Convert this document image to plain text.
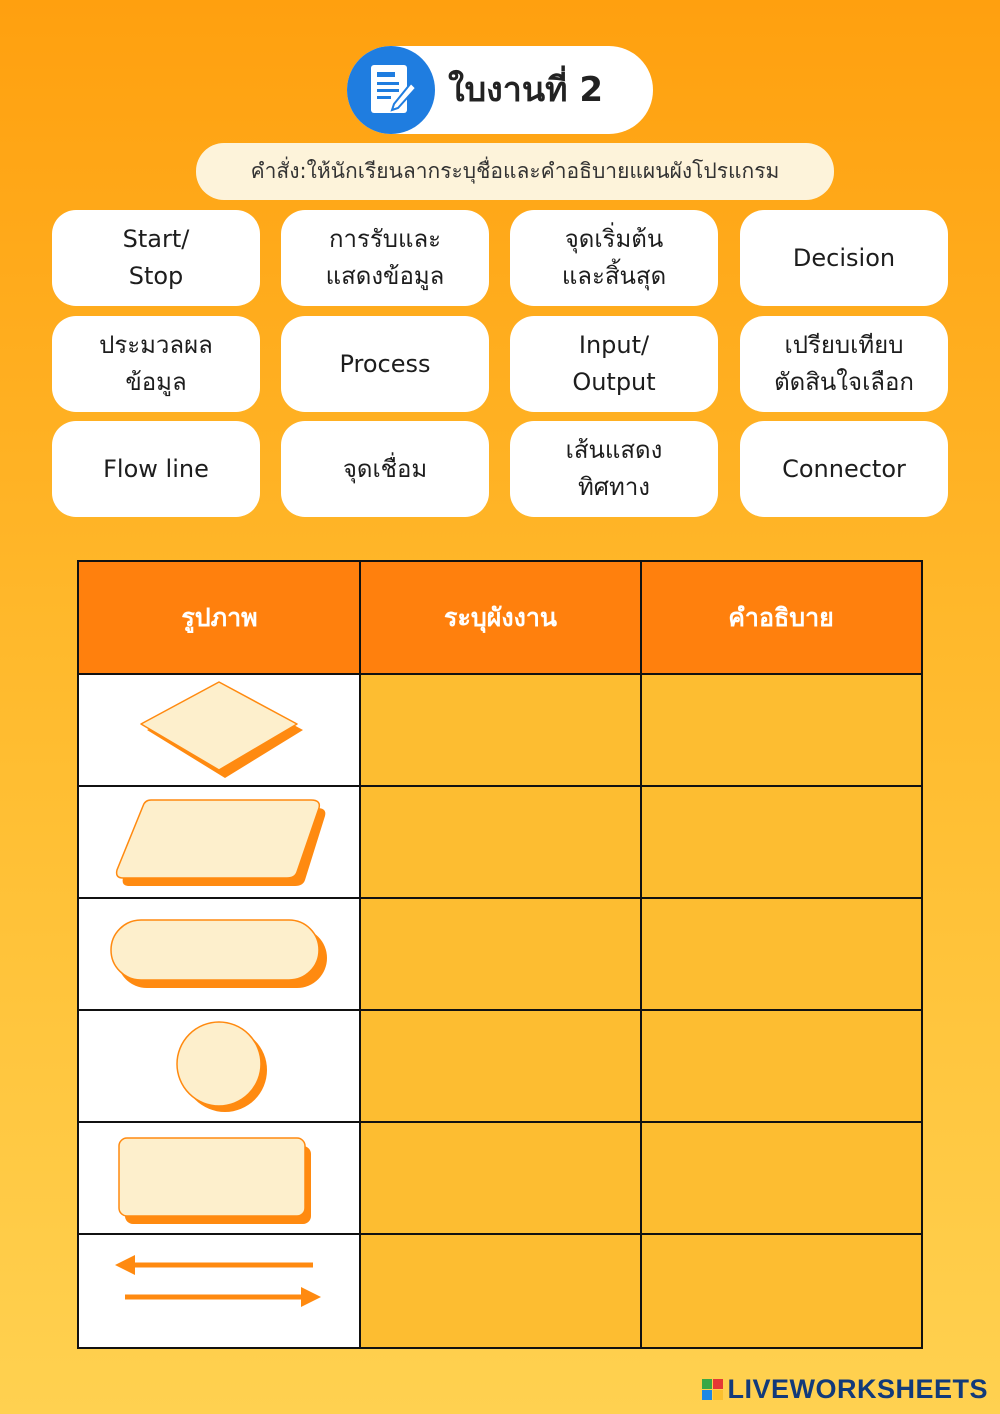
ใบงานที่ 2
คำสั่ง:ให้นักเรียนลากระบุชื่อและคำอธิบายแผนผังโปรแกรม
Start/
Stop
การรับและ
แสดงข้อมูล
จุดเริ่มต้น
และสิ้นสุด
Decision
ประมวลผล
ข้อมูล
Process
Input/
Output
เปรียบเทียบ
ตัดสินใจเลือก
Flow line	จุดเชื่อม
เส้นแสดง
ทิศทาง
Connector
รูปภาพ	ระบุผังงาน	คำอธิบาย
LIVEWORKSHEETS
